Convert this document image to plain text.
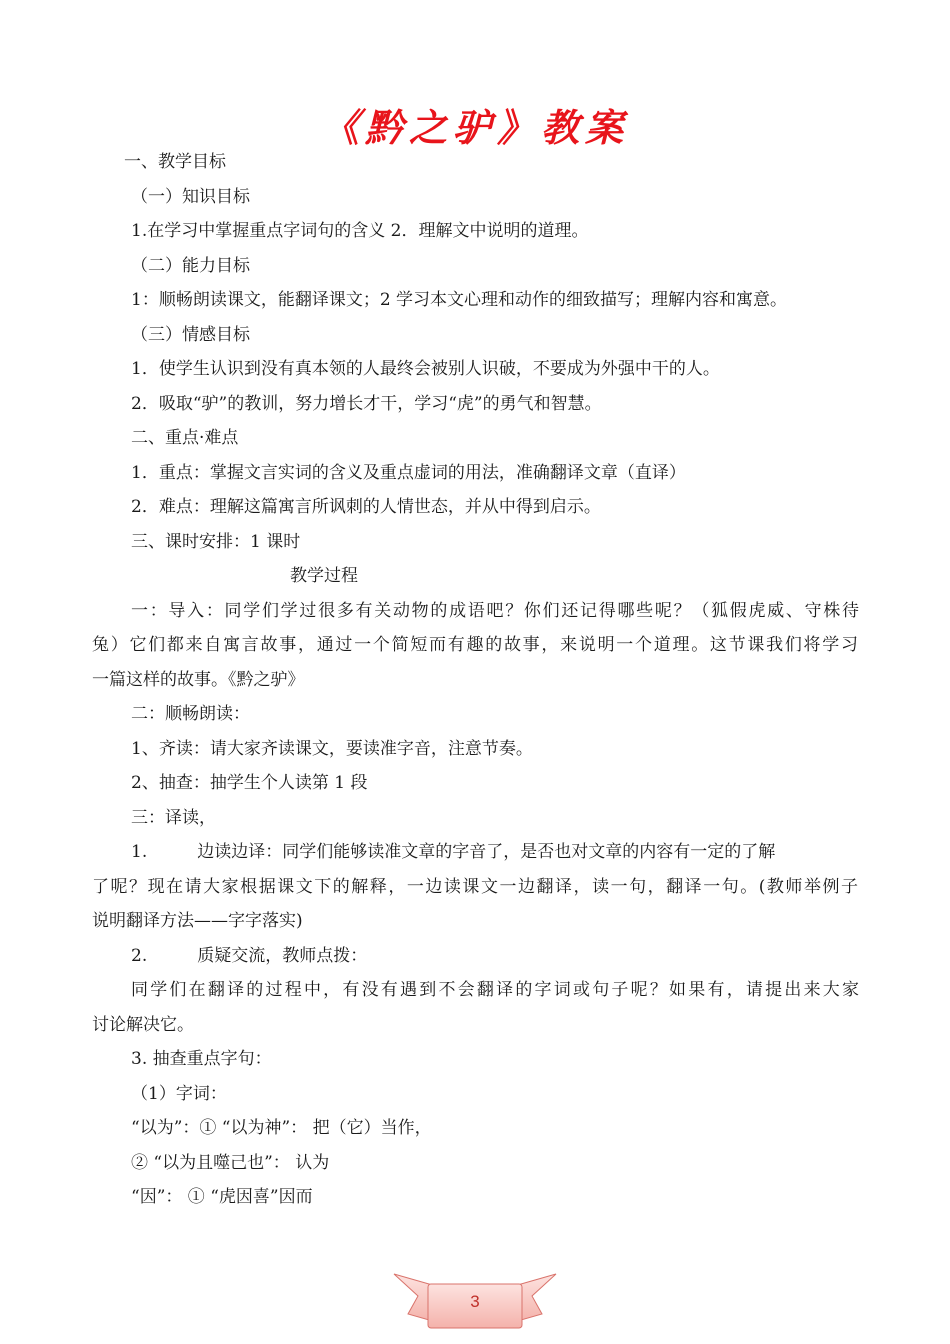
《黔之驴》教案
一、教学目标
（一）知识目标
1.在学习中掌握重点字词句的含义 2．理解文中说明的道理。
（二）能力目标
1：顺畅朗读课文，能翻译课文；2 学习本文心理和动作的细致描写；理解内容和寓意。
（三）情感目标
1．使学生认识到没有真本领的人最终会被别人识破，不要成为外强中干的人。
2．吸取“驴”的教训，努力增长才干，学习“虎”的勇气和智慧。
二、重点·难点
1．重点：掌握文言实词的含义及重点虚词的用法，准确翻译文章（直译）
2．难点：理解这篇寓言所讽刺的人情世态，并从中得到启示。
三、课时安排：1 课时
教学过程
一：导入：同学们学过很多有关动物的成语吧？你们还记得哪些呢？（狐假虎威、守株待
兔）它们都来自寓言故事，通过一个简短而有趣的故事，来说明一个道理。这节课我们将学习
一篇这样的故事。《黔之驴》
二：顺畅朗读：
1、齐读：请大家齐读课文，要读准字音，注意节奏。
2、抽查：抽学生个人读第 1 段
三：译读，
1.	边读边译：同学们能够读准文章的字音了，是否也对文章的内容有一定的了解
了呢？现在请大家根据课文下的解释，一边读课文一边翻译，读一句，翻译一句。(教师举例子
说明翻译方法——字字落实)
2.	质疑交流，教师点拨：
同学们在翻译的过程中，有没有遇到不会翻译的字词或句子呢？如果有，请提出来大家
讨论解决它。
3. 抽查重点字句：
（1）字词：
“以为”：① “以为神”： 把（它）当作，
② “以为且噬己也”： 认为
“因”： ① “虎因喜”因而
3
